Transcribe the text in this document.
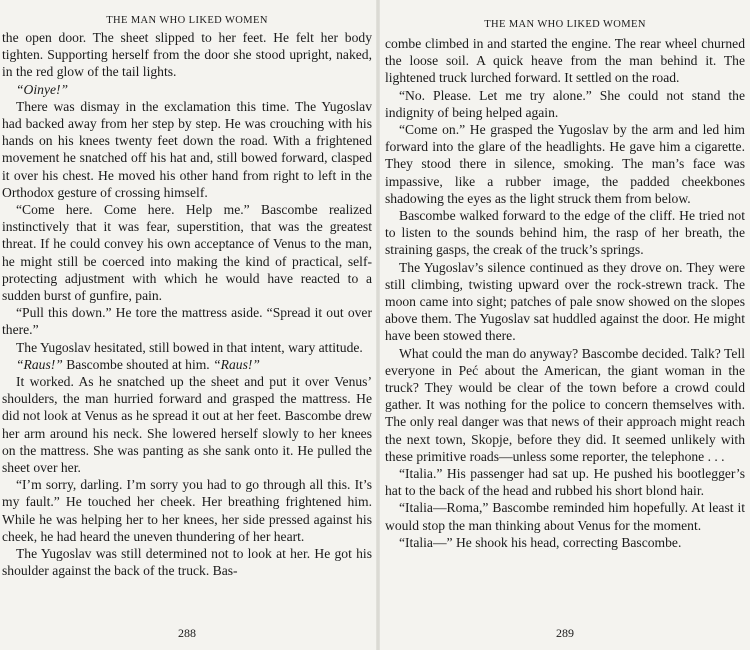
THE MAN WHO LIKED WOMEN

the open door. The sheet slipped to her feet. He felt her body tighten. Supporting herself from the door she stood upright, naked, in the red glow of the tail lights.

“Oinye!”

There was dismay in the exclamation this time. The Yugoslav had backed away from her step by step. He was crouching with his hands on his knees twenty feet down the road. With a frightened movement he snatched off his hat and, still bowed forward, clasped it over his chest. He moved his other hand from right to left in the Orthodox gesture of crossing himself.

“Come here. Come here. Help me.” Bascombe realized instinctively that it was fear, superstition, that was the greatest threat. If he could convey his own acceptance of Venus to the man, he might still be coerced into making the kind of practical, self-protecting adjustment with which he would have reacted to a sudden burst of gunfire, pain.

“Pull this down.” He tore the mattress aside. “Spread it out over there.”

The Yugoslav hesitated, still bowed in that intent, wary attitude.

“Raus!” Bascombe shouted at him. “Raus!”

It worked. As he snatched up the sheet and put it over Venus’ shoulders, the man hurried forward and grasped the mattress. He did not look at Venus as he spread it out at her feet. Bascombe drew her arm around his neck. She lowered herself slowly to her knees on the mattress. She was panting as she sank onto it. He pulled the sheet over her.

“I’m sorry, darling. I’m sorry you had to go through all this. It’s my fault.” He touched her cheek. Her breathing frightened him. While he was helping her to her knees, her side pressed against his cheek, he had heard the uneven thundering of her heart.

The Yugoslav was still determined not to look at her. He got his shoulder against the back of the truck. Bas-

288
THE MAN WHO LIKED WOMEN

combe climbed in and started the engine. The rear wheel churned the loose soil. A quick heave from the man behind it. The lightened truck lurched forward. It settled on the road.

“No. Please. Let me try alone.” She could not stand the indignity of being helped again.

“Come on.” He grasped the Yugoslav by the arm and led him forward into the glare of the headlights. He gave him a cigarette. They stood there in silence, smoking. The man’s face was impassive, like a rubber image, the padded cheekbones shadowing the eyes as the light struck them from below.

Bascombe walked forward to the edge of the cliff. He tried not to listen to the sounds behind him, the rasp of her breath, the straining gasps, the creak of the truck’s springs.

The Yugoslav’s silence continued as they drove on. They were still climbing, twisting upward over the rock-strewn track. The moon came into sight; patches of pale snow showed on the slopes above them. The Yugoslav sat huddled against the door. He might have been stowed there.

What could the man do anyway? Bascombe decided. Talk? Tell everyone in Peć about the American, the giant woman in the truck? They would be clear of the town before a crowd could gather. It was nothing for the police to concern themselves with. The only real danger was that news of their approach might reach the next town, Skopje, before they did. It seemed unlikely with these primitive roads—unless some reporter, the telephone . . .

“Italia.” His passenger had sat up. He pushed his bootlegger’s hat to the back of the head and rubbed his short blond hair.

“Italia—Roma,” Bascombe reminded him hopefully. At least it would stop the man thinking about Venus for the moment.

“Italia—” He shook his head, correcting Bascombe.

289
